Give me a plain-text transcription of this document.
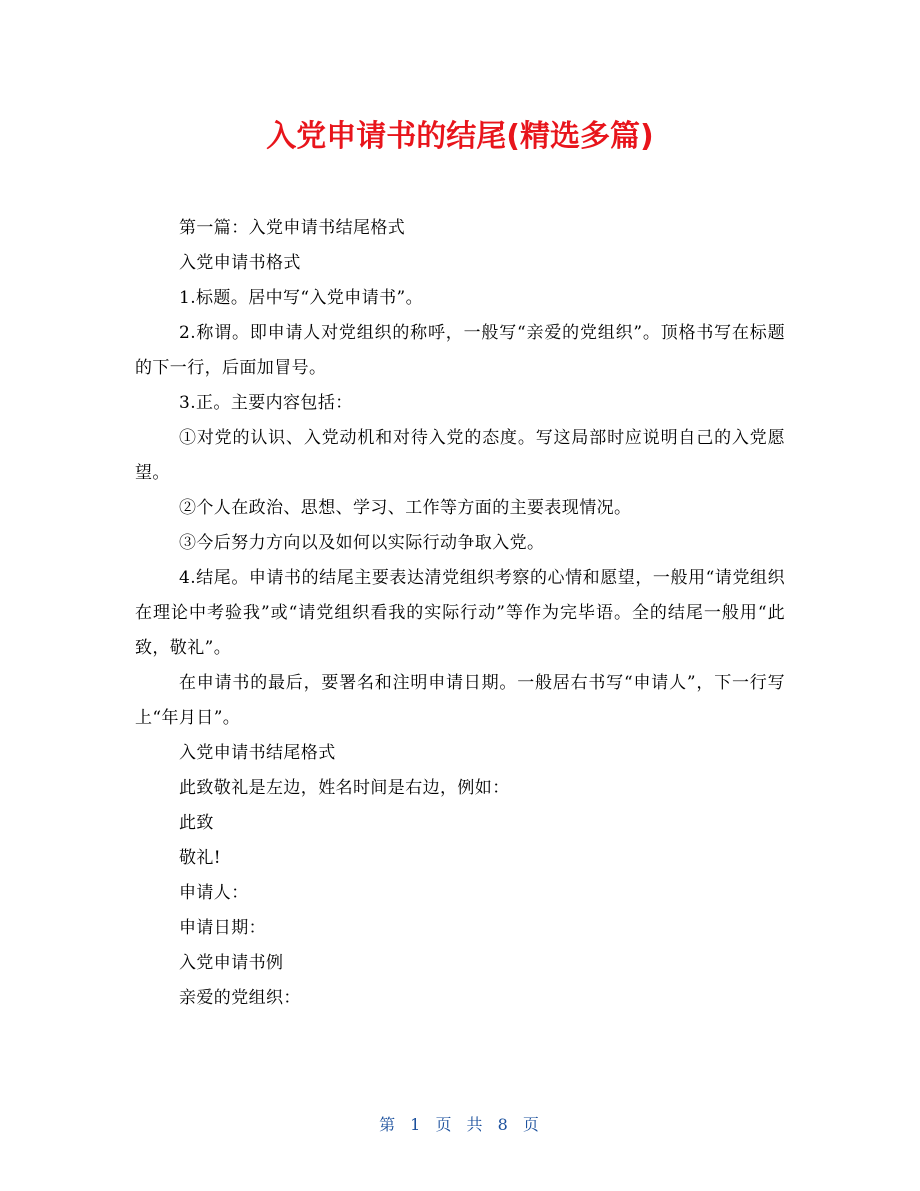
入党申请书的结尾(精选多篇)

第一篇：入党申请书结尾格式

入党申请书格式

1.标题。居中写“入党申请书”。

2.称谓。即申请人对党组织的称呼，一般写“亲爱的党组织”。顶格书写在标题的下一行，后面加冒号。

3.正。主要内容包括：

①对党的认识、入党动机和对待入党的态度。写这局部时应说明自己的入党愿望。

②个人在政治、思想、学习、工作等方面的主要表现情况。

③今后努力方向以及如何以实际行动争取入党。

4.结尾。申请书的结尾主要表达清党组织考察的心情和愿望，一般用“请党组织在理论中考验我”或“请党组织看我的实际行动”等作为完毕语。全的结尾一般用“此致，敬礼”。

在申请书的最后，要署名和注明申请日期。一般居右书写“申请人”，下一行写上“年月日”。

入党申请书结尾格式

此致敬礼是左边，姓名时间是右边，例如：

此致

敬礼!

申请人：

申请日期：

入党申请书例

亲爱的党组织：

第 1 页 共 8 页
